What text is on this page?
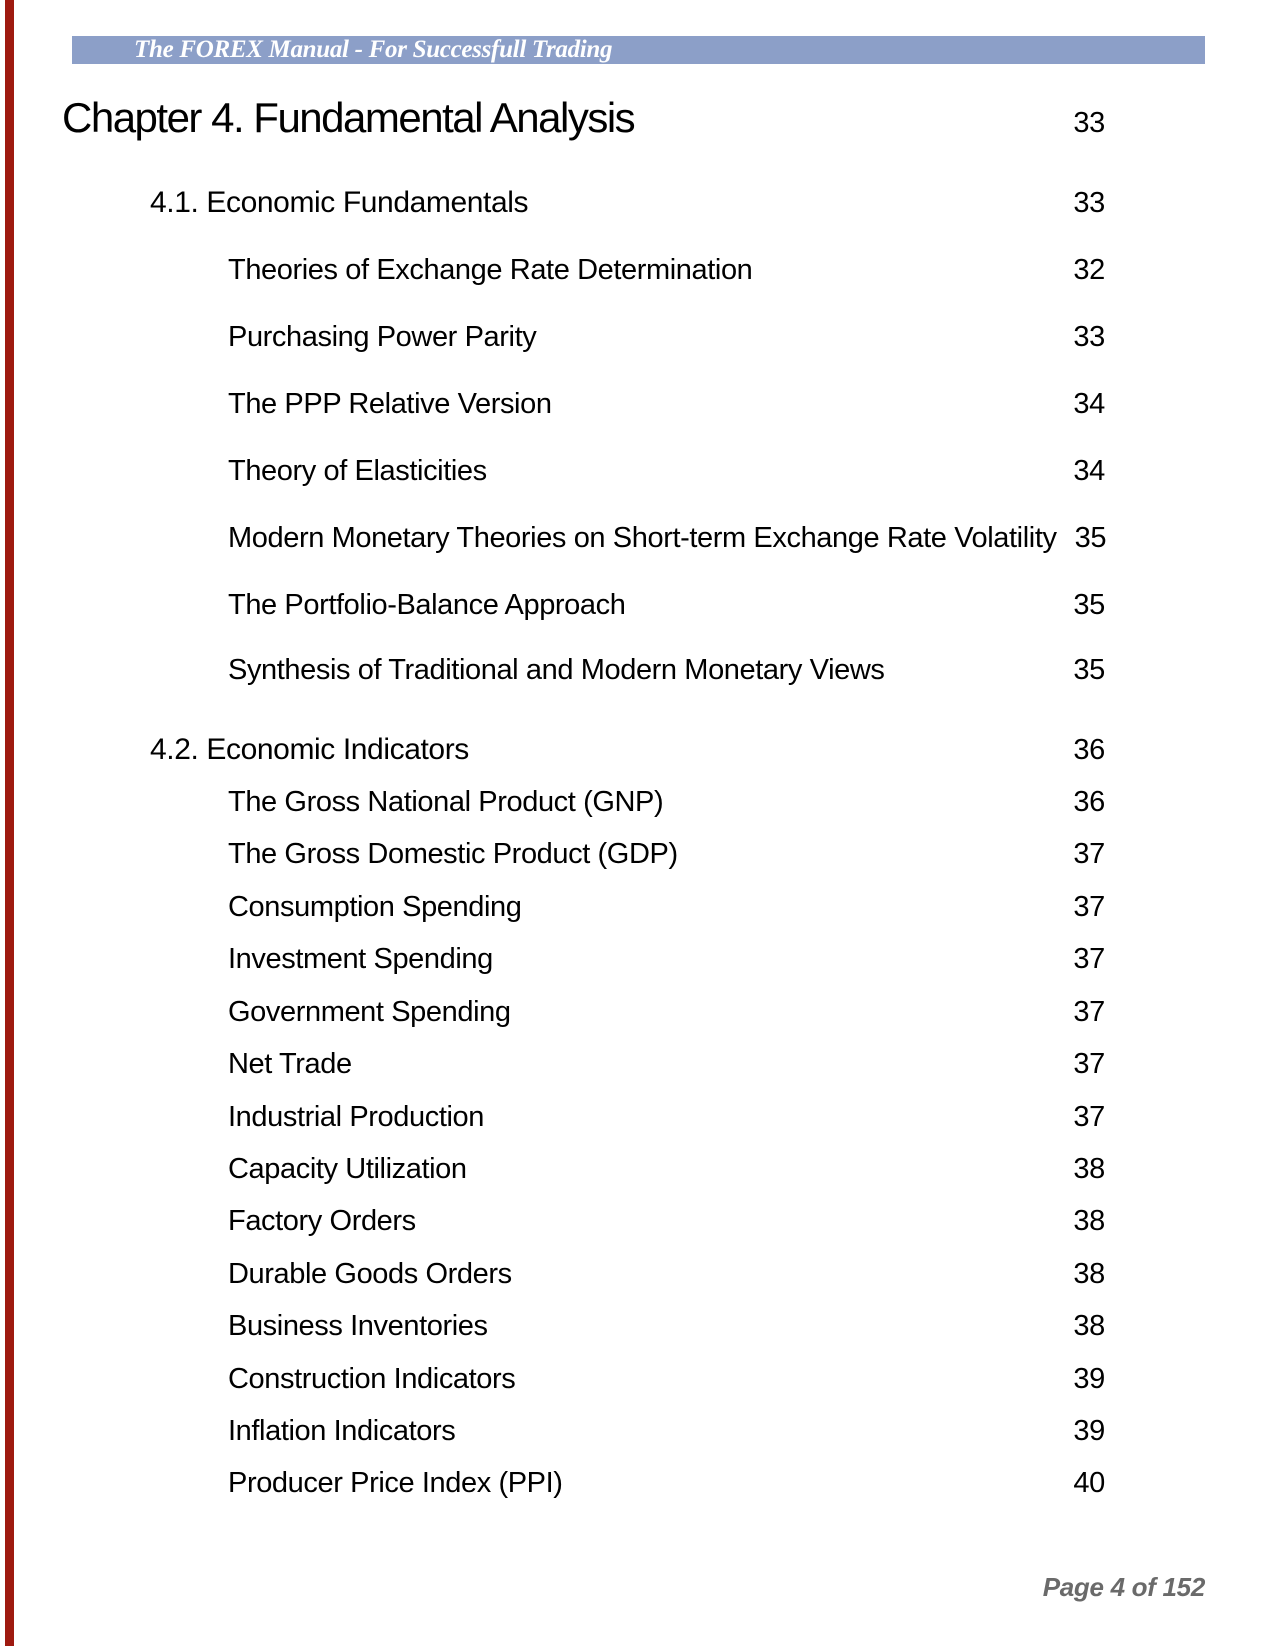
The FOREX Manual - For Successfull Trading
Chapter 4. Fundamental Analysis	33
4.1. Economic Fundamentals	33
Theories of Exchange Rate Determination	32
Purchasing Power Parity	33
The PPP Relative Version	34
Theory of Elasticities	34
Modern Monetary Theories on Short-term Exchange Rate Volatility 35
The Portfolio-Balance Approach	35
Synthesis of Traditional and Modern Monetary Views	35
4.2. Economic Indicators	36
The Gross National Product (GNP)	36
The Gross Domestic Product (GDP)	37
Consumption Spending	37
Investment Spending	37
Government Spending	37
Net Trade	37
Industrial Production	37
Capacity Utilization	38
Factory Orders	38
Durable Goods Orders	38
Business Inventories	38
Construction Indicators	39
Inflation Indicators	39
Producer Price Index (PPI)	40
Page 4 of 152
